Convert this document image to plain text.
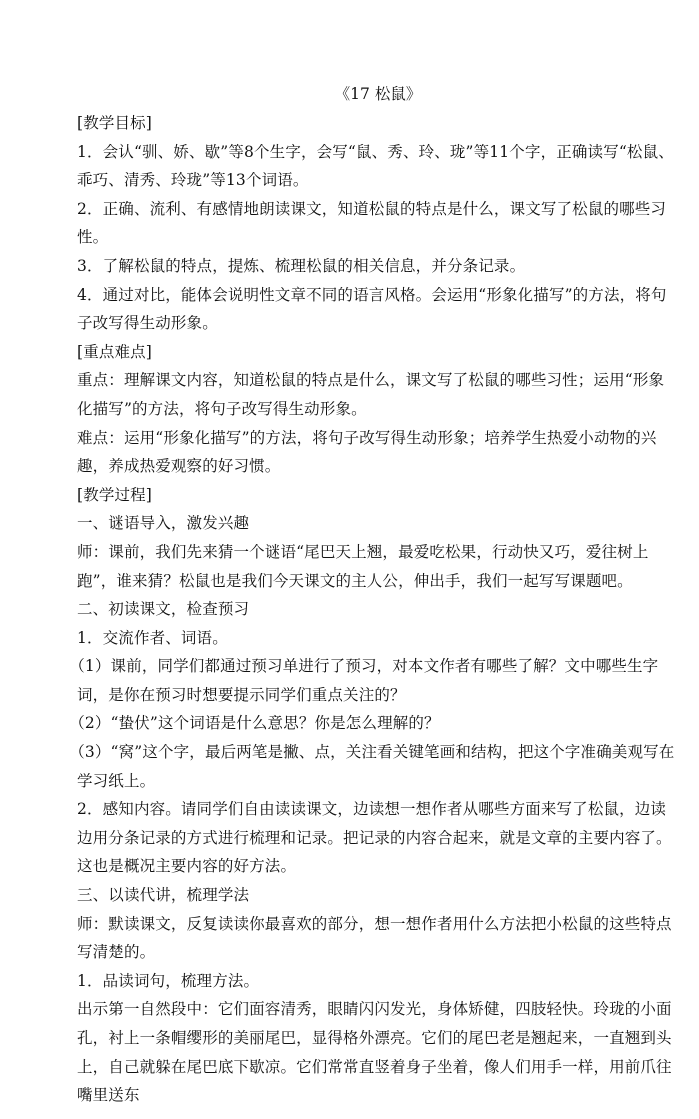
《17 松鼠》

[教学目标]

1．会认“驯、娇、歇”等8个生字，会写“鼠、秀、玲、珑”等11个字，正确读写“松鼠、乖巧、清秀、玲珑”等13个词语。

2．正确、流利、有感情地朗读课文，知道松鼠的特点是什么，课文写了松鼠的哪些习性。

3．了解松鼠的特点，提炼、梳理松鼠的相关信息，并分条记录。

4．通过对比，能体会说明性文章不同的语言风格。会运用“形象化描写”的方法，将句子改写得生动形象。

[重点难点]

重点：理解课文内容，知道松鼠的特点是什么，课文写了松鼠的哪些习性；运用“形象化描写”的方法，将句子改写得生动形象。

难点：运用“形象化描写”的方法，将句子改写得生动形象；培养学生热爱小动物的兴趣，养成热爱观察的好习惯。

[教学过程]

一、谜语导入，激发兴趣

师：课前，我们先来猜一个谜语“尾巴天上翘，最爱吃松果，行动快又巧，爱往树上跑”，谁来猜？松鼠也是我们今天课文的主人公，伸出手，我们一起写写课题吧。

二、初读课文，检查预习

1．交流作者、词语。

（1）课前，同学们都通过预习单进行了预习，对本文作者有哪些了解？文中哪些生字词，是你在预习时想要提示同学们重点关注的？

（2）“蛰伏”这个词语是什么意思？你是怎么理解的？

（3）“窝”这个字，最后两笔是撇、点，关注看关键笔画和结构，把这个字准确美观写在学习纸上。

2．感知内容。请同学们自由读读课文，边读想一想作者从哪些方面来写了松鼠，边读边用分条记录的方式进行梳理和记录。把记录的内容合起来，就是文章的主要内容了。这也是概况主要内容的好方法。

三、以读代讲，梳理学法

师：默读课文，反复读读你最喜欢的部分，想一想作者用什么方法把小松鼠的这些特点写清楚的。

1．品读词句，梳理方法。

出示第一自然段中：它们面容清秀，眼睛闪闪发光，身体矫健，四肢轻快。玲珑的小面孔，衬上一条帽缨形的美丽尾巴，显得格外漂亮。它们的尾巴老是翘起来，一直翘到头上，自己就躲在尾巴底下歇凉。它们常常直竖着身子坐着，像人们用手一样，用前爪往嘴里送东
